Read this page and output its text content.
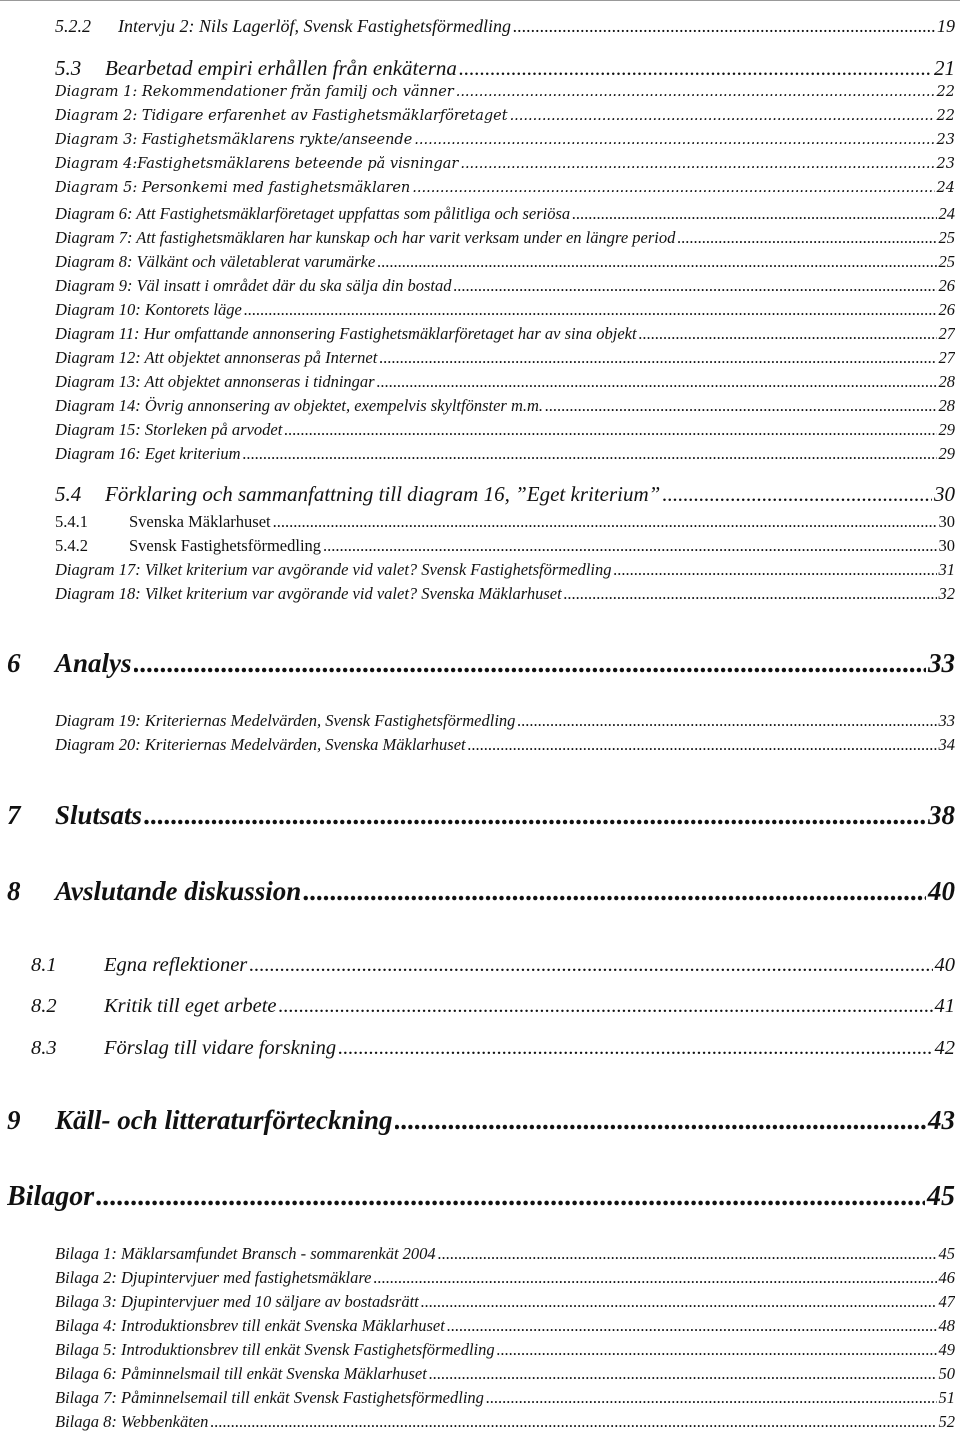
5.2.2	Intervju 2: Nils Lagerlöf, Svensk Fastighetsförmedling .....	19
5.3	Bearbetad empiri erhållen från enkäterna .....	21
Diagram 1: Rekommendationer från familj och vänner .....	22
Diagram 2: Tidigare erfarenhet av Fastighetsmäklarföretaget .....	22
Diagram 3: Fastighetsmäklarens rykte/anseende .....	23
Diagram 4:Fastighetsmäklarens beteende på visningar .....	23
Diagram 5: Personkemi med fastighetsmäklaren .....	24
Diagram 6: Att Fastighetsmäklarföretaget uppfattas som pålitliga och seriösa .....	24
Diagram 7: Att fastighetsmäklaren har kunskap och har varit verksam under en längre period .....	25
Diagram 8: Välkänt och väletablerat varumärke .....	25
Diagram 9: Väl insatt i området där du ska sälja din bostad .....	26
Diagram 10: Kontorets läge .....	26
Diagram 11: Hur omfattande annonsering Fastighetsmäklarföretaget har av sina objekt .....	27
Diagram 12: Att objektet annonseras på Internet .....	27
Diagram 13: Att objektet annonseras i tidningar .....	28
Diagram 14: Övrig annonsering av objektet, exempelvis skyltfönster m.m. .....	28
Diagram 15: Storleken på arvodet .....	29
Diagram 16: Eget kriterium .....	29
5.4	Förklaring och sammanfattning till diagram 16, ”Eget kriterium” .....	30
5.4.1	Svenska Mäklarhuset .....	30
5.4.2	Svensk Fastighetsförmedling .....	30
Diagram 17: Vilket kriterium var avgörande vid valet? Svensk Fastighetsförmedling .....	31
Diagram 18: Vilket kriterium var avgörande vid valet? Svenska Mäklarhuset .....	32
6	Analys .....	33
Diagram 19: Kriteriernas Medelvärden, Svensk Fastighetsförmedling .....	33
Diagram 20: Kriteriernas Medelvärden, Svenska Mäklarhuset .....	34
7	Slutsats .....	38
8	Avslutande diskussion .....	40
8.1	Egna reflektioner .....	40
8.2	Kritik till eget arbete .....	41
8.3	Förslag till vidare forskning .....	42
9	Käll- och litteraturförteckning .....	43
Bilagor .....	45
Bilaga 1: Mäklarsamfundet Bransch - sommarenkät 2004 .....	45
Bilaga 2: Djupintervjuer med fastighetsmäklare .....	46
Bilaga 3: Djupintervjuer med 10 säljare av bostadsrätt .....	47
Bilaga 4: Introduktionsbrev till enkät Svenska Mäklarhuset .....	48
Bilaga 5: Introduktionsbrev till enkät Svensk Fastighetsförmedling .....	49
Bilaga 6: Påminnelsmail till enkät Svenska Mäklarhuset .....	50
Bilaga 7: Påminnelsemail till enkät Svensk Fastighetsförmedling .....	51
Bilaga 8: Webbenkäten .....	52
